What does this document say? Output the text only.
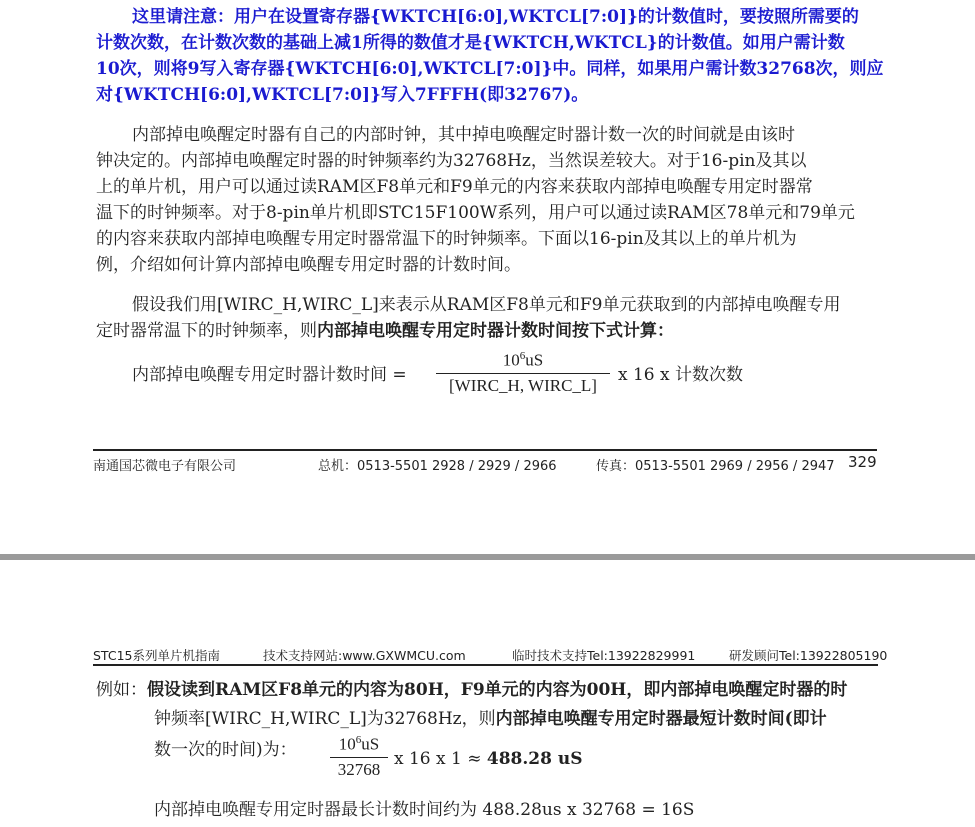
这里请注意：用户在设置寄存器{WKTCH[6:0],WKTCL[7:0]}的计数值时，要按照所需要的
计数次数，在计数次数的基础上减1所得的数值才是{WKTCH,WKTCL}的计数值。如用户需计数
10次，则将9写入寄存器{WKTCH[6:0],WKTCL[7:0]}中。同样，如果用户需计数32768次，则应
对{WKTCH[6:0],WKTCL[7:0]}写入7FFFH(即32767)。
内部掉电唤醒定时器有自己的内部时钟，其中掉电唤醒定时器计数一次的时间就是由该时
钟决定的。内部掉电唤醒定时器的时钟频率约为32768Hz，当然误差较大。对于16-pin及其以
上的单片机，用户可以通过读RAM区F8单元和F9单元的内容来获取内部掉电唤醒专用定时器常
温下的时钟频率。对于8-pin单片机即STC15F100W系列，用户可以通过读RAM区78单元和79单元
的内容来获取内部掉电唤醒专用定时器常温下的时钟频率。下面以16-pin及其以上的单片机为
例，介绍如何计算内部掉电唤醒专用定时器的计数时间。
假设我们用[WIRC_H,WIRC_L]来表示从RAM区F8单元和F9单元获取到的内部掉电唤醒专用
定时器常温下的时钟频率，则内部掉电唤醒专用定时器计数时间按下式计算：
内部掉电唤醒专用定时器计数时间 =
$10^6uS$
[WIRC_H, WIRC_L]
x 16 x 计数次数
南通国芯微电子有限公司	总机：0513-5501 2928 / 2929 / 2966	传真：0513-5501 2969 / 2956 / 2947 329
STC15系列单片机指南	技术支持网站:www.GXWMCU.com	临时技术支持Tel:13922829991	研发顾问Tel:13922805190
例如：假设读到RAM区F8单元的内容为80H，F9单元的内容为00H，即内部掉电唤醒定时器的时
钟频率[WIRC_H,WIRC_L]为32768Hz，则内部掉电唤醒专用定时器最短计数时间(即计
数一次的时间)为：	$10^6uS$
32768
x 16 x 1 ≈ 488.28 uS
内部掉电唤醒专用定时器最长计数时间约为 488.28us x 32768 = 16S
